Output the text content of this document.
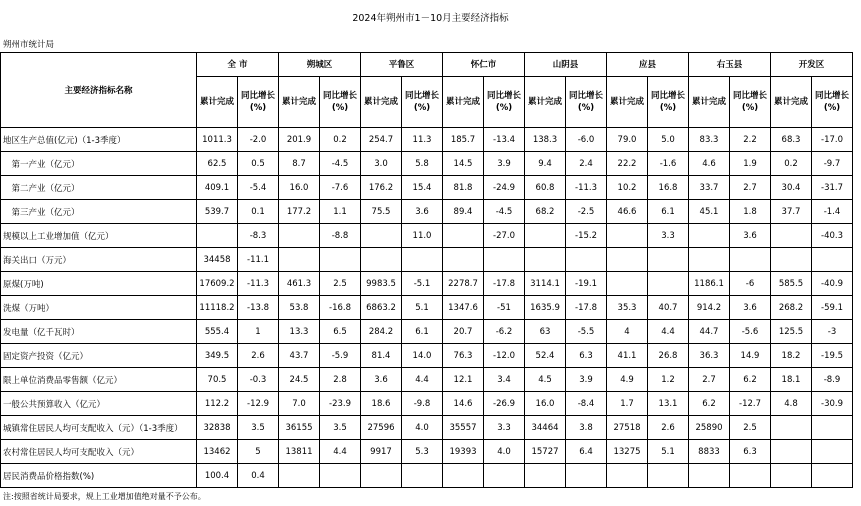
2024年朔州市1－10月主要经济指标
朔州市统计局
主要经济指标名称	全 市		朔城区		平鲁区		怀仁市		山阴县		应县		右玉县		开发区	
	累计完成	同比增长(%)	累计完成	同比增长(%)	累计完成	同比增长(%)	累计完成	同比增长(%)	累计完成	同比增长(%)	累计完成	同比增长(%)	累计完成	同比增长(%)	累计完成	同比增长(%)
地区生产总值(亿元)（1-3季度）	1011.3	-2.0	201.9	0.2	254.7	11.3	185.7	-13.4	138.3	-6.0	79.0	5.0	83.3	2.2	68.3	-17.0
　第一产业（亿元）	62.5	0.5	8.7	-4.5	3.0	5.8	14.5	3.9	9.4	2.4	22.2	-1.6	4.6	1.9	0.2	-9.7
　第二产业（亿元）	409.1	-5.4	16.0	-7.6	176.2	15.4	81.8	-24.9	60.8	-11.3	10.2	16.8	33.7	2.7	30.4	-31.7
　第三产业（亿元）	539.7	0.1	177.2	1.1	75.5	3.6	89.4	-4.5	68.2	-2.5	46.6	6.1	45.1	1.8	37.7	-1.4
规模以上工业增加值（亿元）		-8.3		-8.8		11.0		-27.0		-15.2		3.3		3.6		-40.3
海关出口（万元）	34458	-11.1														
原煤(万吨)	17609.2	-11.3	461.3	2.5	9983.5	-5.1	2278.7	-17.8	3114.1	-19.1			1186.1	-6	585.5	-40.9
洗煤（万吨）	11118.2	-13.8	53.8	-16.8	6863.2	5.1	1347.6	-51	1635.9	-17.8	35.3	40.7	914.2	3.6	268.2	-59.1
发电量（亿千瓦时）	555.4	1	13.3	6.5	284.2	6.1	20.7	-6.2	63	-5.5	4	4.4	44.7	-5.6	125.5	-3
固定资产投资（亿元）	349.5	2.6	43.7	-5.9	81.4	14.0	76.3	-12.0	52.4	6.3	41.1	26.8	36.3	14.9	18.2	-19.5
限上单位消费品零售额（亿元）	70.5	-0.3	24.5	2.8	3.6	4.4	12.1	3.4	4.5	3.9	4.9	1.2	2.7	6.2	18.1	-8.9
一般公共预算收入（亿元）	112.2	-12.9	7.0	-23.9	18.6	-9.8	14.6	-26.9	16.0	-8.4	1.7	13.1	6.2	-12.7	4.8	-30.9
城镇常住居民人均可支配收入（元）（1-3季度）	32838	3.5	36155	3.5	27596	4.0	35557	3.3	34464	3.8	27518	2.6	25890	2.5		
农村常住居民人均可支配收入（元）	13462	5	13811	4.4	9917	5.3	19393	4.0	15727	6.4	13275	5.1	8833	6.3		
居民消费品价格指数(%)	100.4	0.4														
注:按照省统计局要求，规上工业增加值绝对量不予公布。
